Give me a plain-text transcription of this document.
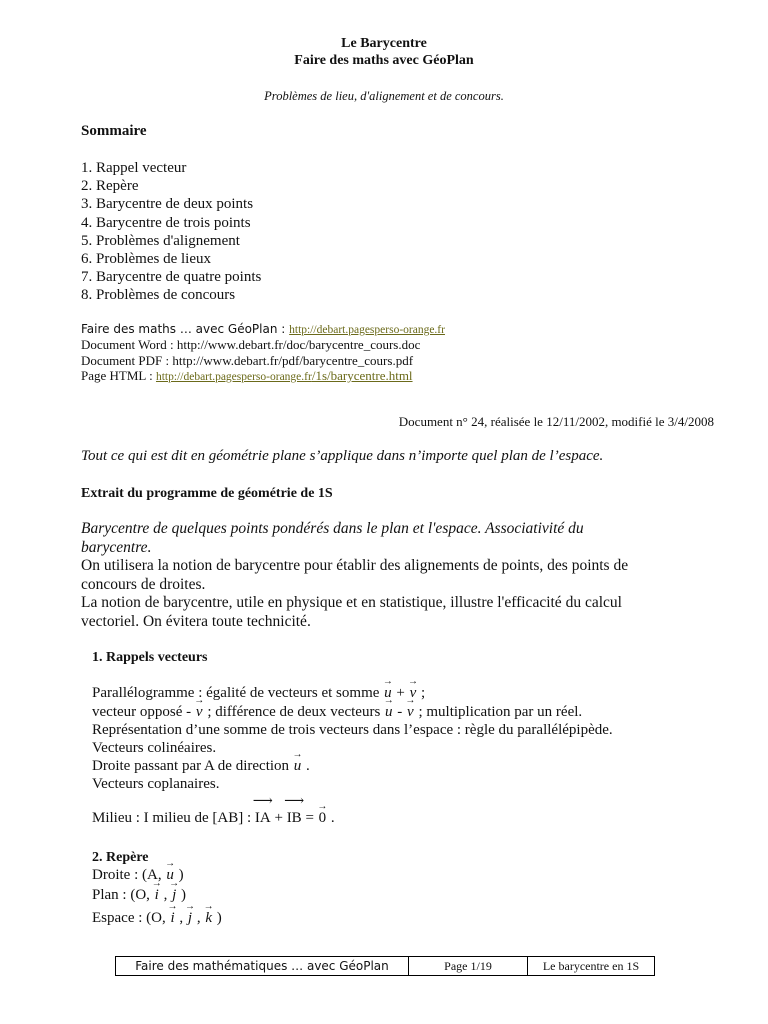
Le Barycentre
Faire des maths avec GéoPlan
Problèmes de lieu, d'alignement et de concours.
Sommaire
1. Rappel vecteur
2. Repère
3. Barycentre de deux points
4. Barycentre de trois points
5. Problèmes d'alignement
6. Problèmes de lieux
7. Barycentre de quatre points
8. Problèmes de concours
Faire des maths … avec GéoPlan : http://debart.pagesperso-orange.fr
Document Word : http://www.debart.fr/doc/barycentre_cours.doc
Document PDF : http://www.debart.fr/pdf/barycentre_cours.pdf
Page HTML : http://debart.pagesperso-orange.fr/1s/barycentre.html
Document n° 24, réalisée le 12/11/2002, modifié le 3/4/2008
Tout ce qui est dit en géométrie plane s’applique dans n’importe quel plan de l’espace.
Extrait du programme de géométrie de 1S
Barycentre de quelques points pondérés dans le plan et l'espace. Associativité du
barycentre.
On utilisera la notion de barycentre pour établir des alignements de points, des points de
concours de droites.
La notion de barycentre, utile en physique et en statistique, illustre l'efficacité du calcul
vectoriel. On évitera toute technicité.
1. Rappels vecteurs
Parallélogramme : égalité de vecteurs et somme → u + → v ;
vecteur opposé - → v ; différence de deux vecteurs → u - → v ; multiplication par un réel.
Représentation d’une somme de trois vecteurs dans l’espace : règle du parallélépipède.
Vecteurs colinéaires.
Droite passant par A de direction → u .
Vecteurs coplanaires.
Milieu : I milieu de [AB] : ⟶ IA + ⟶ IB = → 0 .
2. Repère
Droite : (A, → u )
Plan : (O, → i , → j )
Espace : (O, → i , → j , → k )
Faire des mathématiques … avec GéoPlan	Page 1/19	Le barycentre en 1S
